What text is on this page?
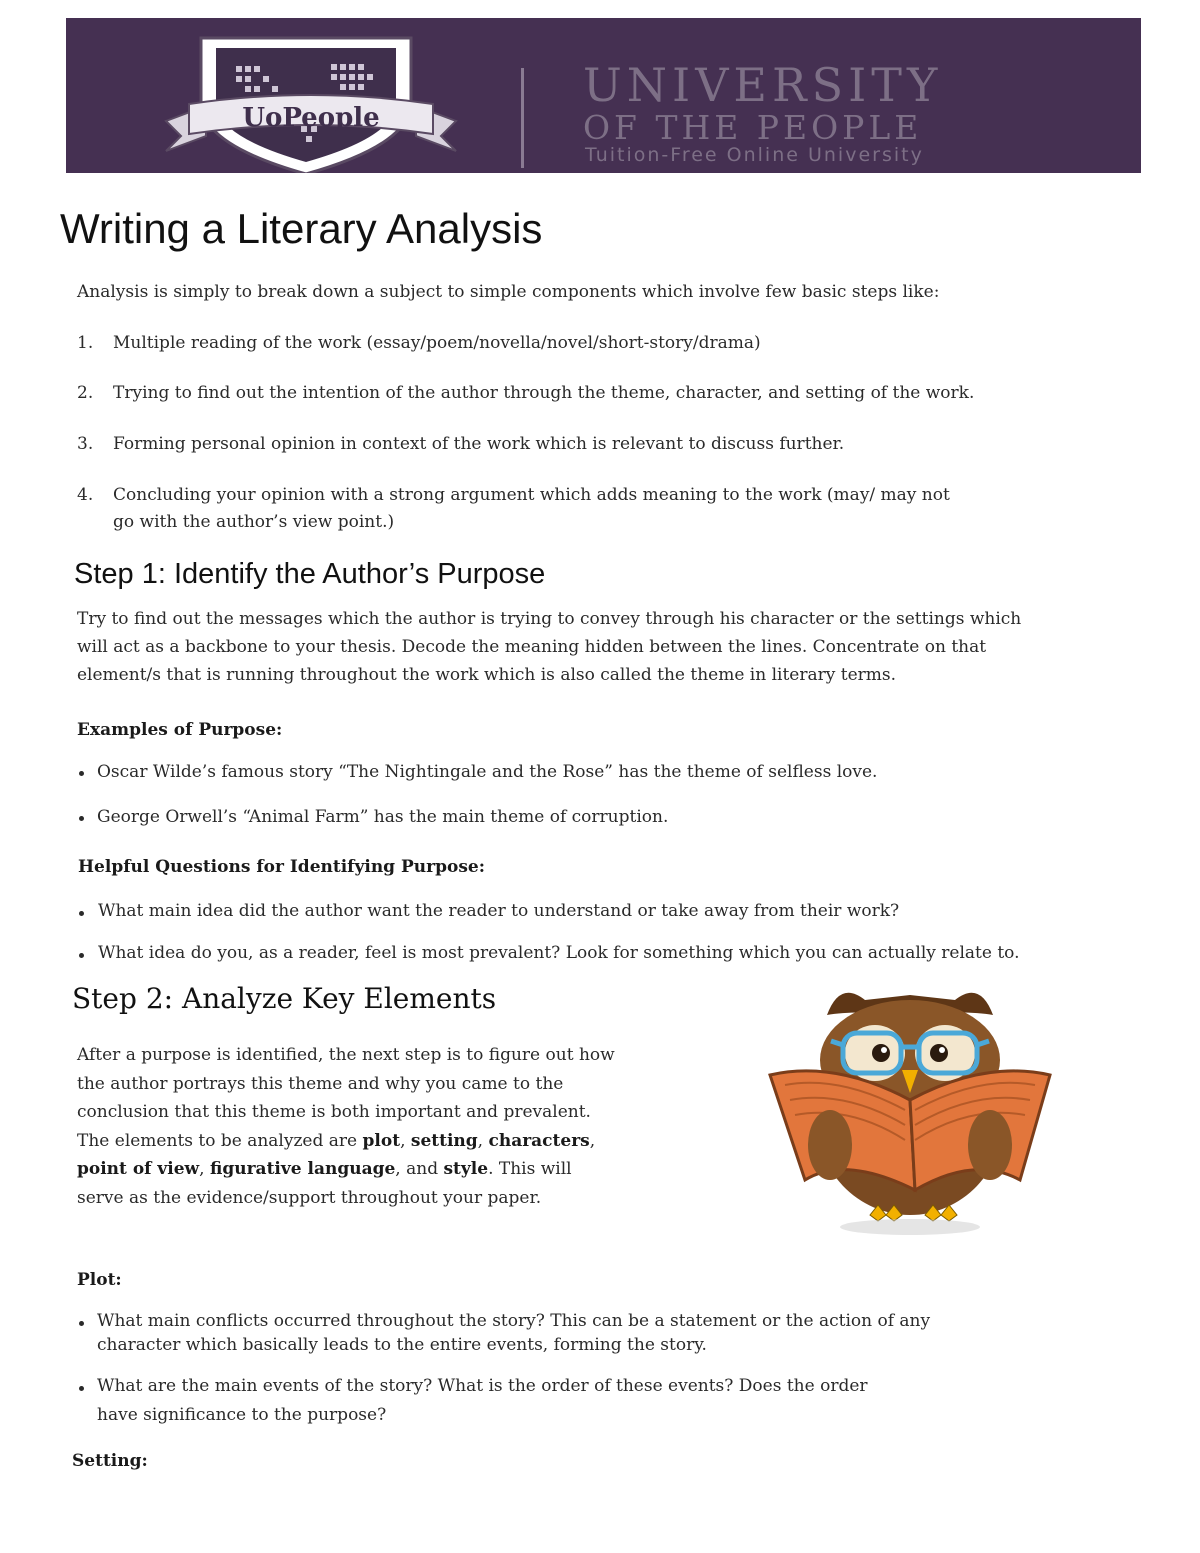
UoPeople
UNIVERSITY
OF THE PEOPLE
Tuition-Free Online University
Writing a Literary Analysis

Analysis is simply to break down a subject to simple components which involve few basic steps like:

1. Multiple reading of the work (essay/poem/novella/novel/short-story/drama)
2. Trying to find out the intention of the author through the theme, character, and setting of the work.
3. Forming personal opinion in context of the work which is relevant to discuss further.
4. Concluding your opinion with a strong argument which adds meaning to the work (may/ may not
go with the author’s view point.)
Step 1: Identify the Author’s Purpose

Try to find out the messages which the author is trying to convey through his character or the settings which

will act as a backbone to your thesis. Decode the meaning hidden between the lines. Concentrate on that

element/s that is running throughout the work which is also called the theme in literary terms.

Examples of Purpose:

Oscar Wilde’s famous story “The Nightingale and the Rose” has the theme of selfless love.
George Orwell’s “Animal Farm” has the main theme of corruption.

Helpful Questions for Identifying Purpose:

What main idea did the author want the reader to understand or take away from their work?
What idea do you, as a reader, feel is most prevalent? Look for something which you can actually relate to.
Step 2: Analyze Key Elements

After a purpose is identified, the next step is to figure out how

the author portrays this theme and why you came to the

conclusion that this theme is both important and prevalent.

The elements to be analyzed are plot, setting, characters,

point of view, figurative language, and style. This will

serve as the evidence/support throughout your paper.

Plot:

What main conflicts occurred throughout the story? This can be a statement or the action of any
character which basically leads to the entire events, forming the story.
What are the main events of the story? What is the order of these events? Does the order
have significance to the purpose?

Setting:
